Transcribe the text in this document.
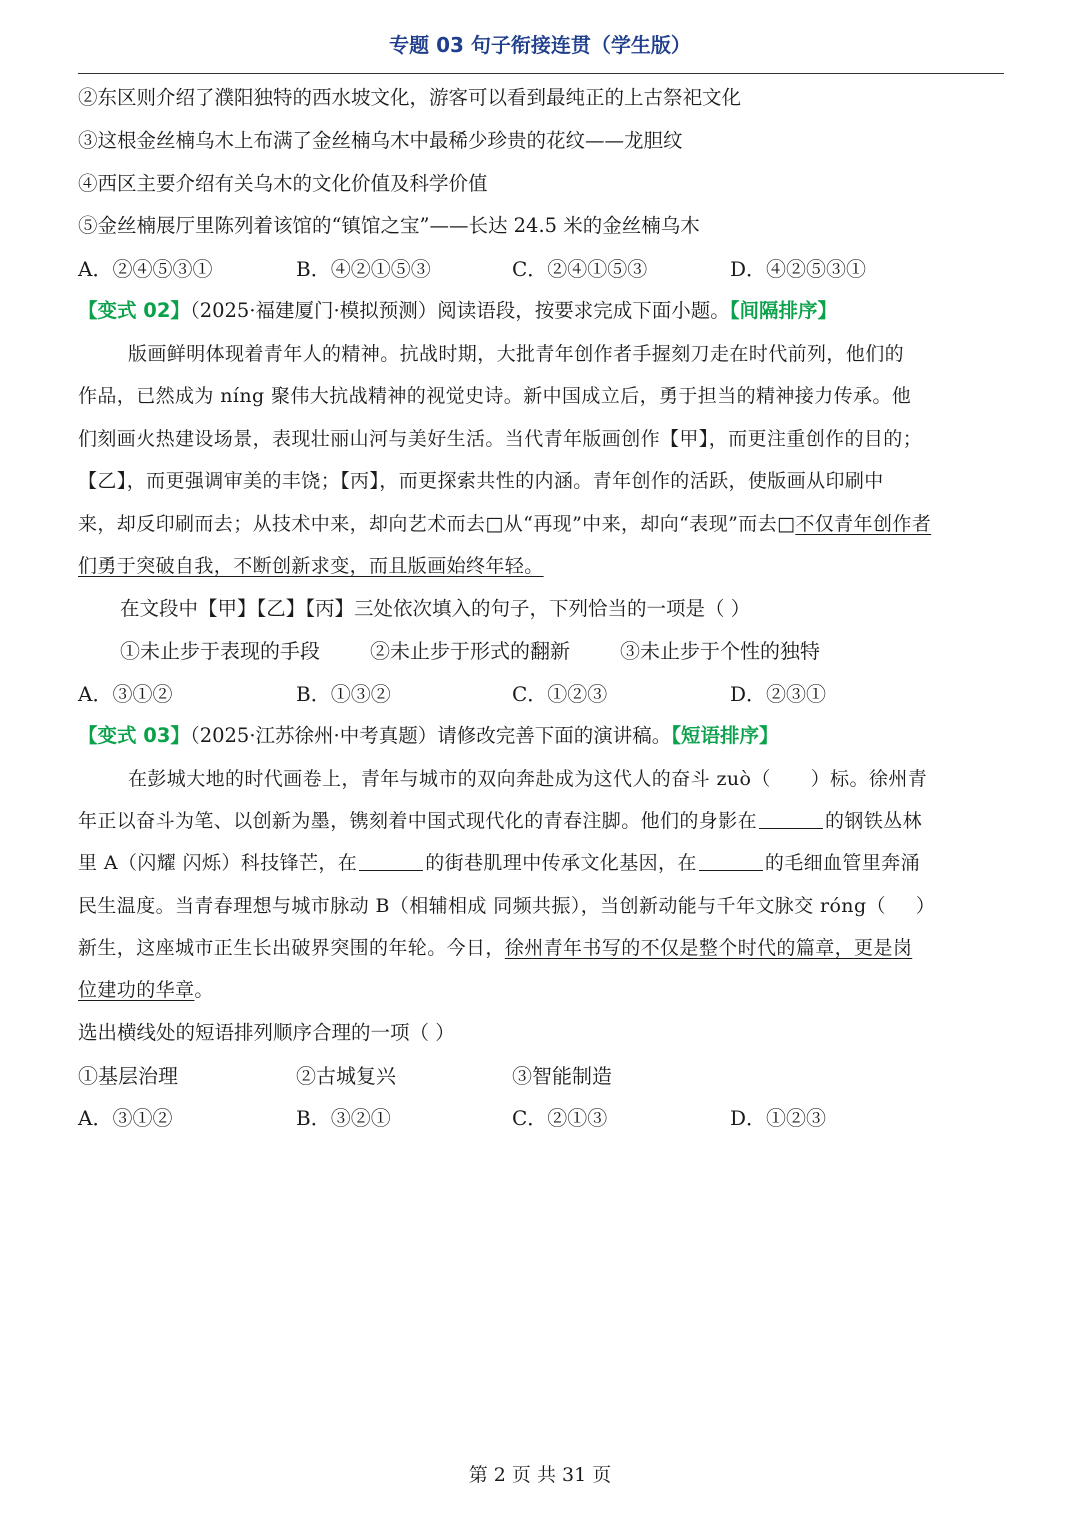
专题 03 句子衔接连贯（学生版）
②东区则介绍了濮阳独特的西水坡文化，游客可以看到最纯正的上古祭祀文化
③这根金丝楠乌木上布满了金丝楠乌木中最稀少珍贵的花纹——龙胆纹
④西区主要介绍有关乌木的文化价值及科学价值
⑤金丝楠展厅里陈列着该馆的“镇馆之宝”——长达 24.5 米的金丝楠乌木
A．②④⑤③①	B．④②①⑤③	C．②④①⑤③	D．④②⑤③①
【变式 02】（2025·福建厦门·模拟预测）阅读语段，按要求完成下面小题。【间隔排序】
版画鲜明体现着青年人的精神。抗战时期，大批青年创作者手握刻刀走在时代前列，他们的
作品，已然成为 níng 聚伟大抗战精神的视觉史诗。新中国成立后，勇于担当的精神接力传承。他
们刻画火热建设场景，表现壮丽山河与美好生活。当代青年版画创作【甲】，而更注重创作的目的；
【乙】，而更强调审美的丰饶；【丙】，而更探索共性的内涵。青年创作的活跃，使版画从印刷中
来，却反印刷而去；从技术中来，却向艺术而去□从“再现”中来，却向“表现”而去□不仅青年创作者
们勇于突破自我，不断创新求变，而且版画始终年轻。
在文段中【甲】【乙】【丙】三处依次填入的句子，下列恰当的一项是（ ）
①未止步于表现的手段	②未止步于形式的翻新	③未止步于个性的独特
A．③①②	B．①③②	C．①②③	D．②③①
【变式 03】（2025·江苏徐州·中考真题）请修改完善下面的演讲稿。【短语排序】
在彭城大地的时代画卷上，青年与城市的双向奔赴成为这代人的奋斗 zuò（ ）标。徐州青
年正以奋斗为笔、以创新为墨，镌刻着中国式现代化的青春注脚。他们的身影在	的钢铁丛林
里 A（闪耀 闪烁）科技锋芒，在	的街巷肌理中传承文化基因，在	的毛细血管里奔涌
民生温度。当青春理想与城市脉动 B（相辅相成 同频共振），当创新动能与千年文脉交 róng（ ）
新生，这座城市正生长出破界突围的年轮。今日，徐州青年书写的不仅是整个时代的篇章，更是岗
位建功的华章。
选出横线处的短语排列顺序合理的一项（ ）
①基层治理	②古城复兴	③智能制造
A．③①②	B．③②①	C．②①③	D．①②③
第 2 页 共 31 页
